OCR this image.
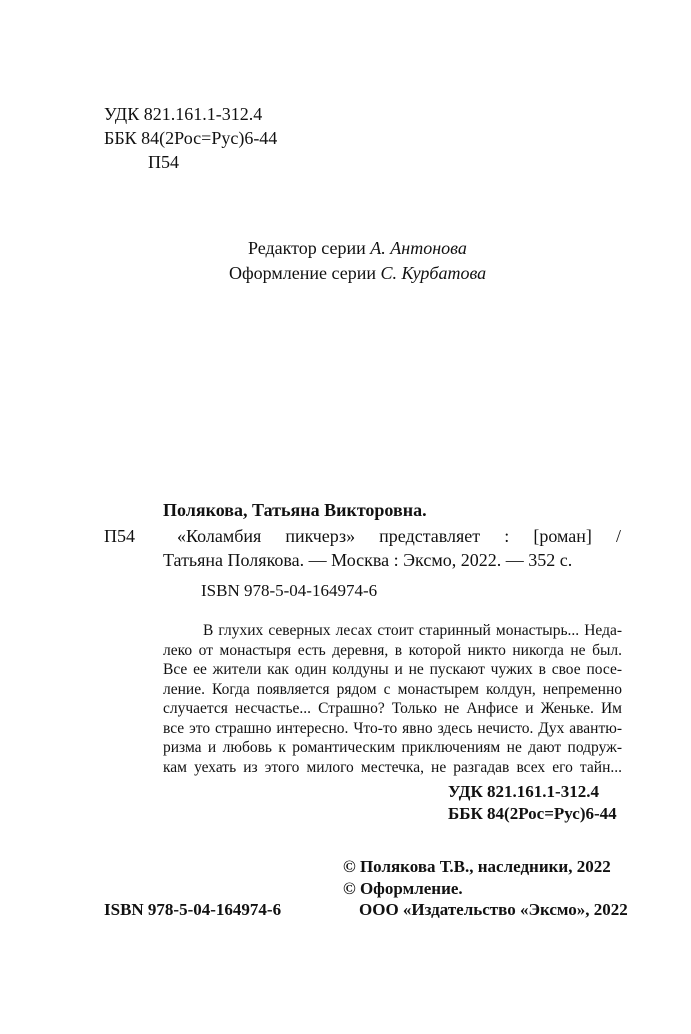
УДК 821.161.1-312.4
ББК 84(2Рос=Рус)6-44
П54
Редактор серии А. Антонова
Оформление серии С. Курбатова
Полякова, Татьяна Викторовна.
П54 «Коламбия пикчерз» представляет : [роман] /
Татьяна Полякова. — Москва : Эксмо, 2022. — 352 с.
ISBN 978-5-04-164974-6

В глухих северных лесах стоит старинный монастырь... Неда-

леко от монастыря есть деревня, в которой никто никогда не был.

Все ее жители как один колдуны и не пускают чужих в свое посе-

ление. Когда появляется рядом с монастырем колдун, непременно

случается несчастье... Страшно? Только не Анфисе и Женьке. Им

все это страшно интересно. Что-то явно здесь нечисто. Дух авантю-

ризма и любовь к романтическим приключениям не дают подруж-

кам уехать из этого милого местечка, не разгадав всех его тайн...

УДК 821.161.1-312.4
ББК 84(2Рос=Рус)6-44
© Полякова Т.В., наследники, 2022
© Оформление.
ООО «Издательство «Эксмо», 2022
ISBN 978-5-04-164974-6
